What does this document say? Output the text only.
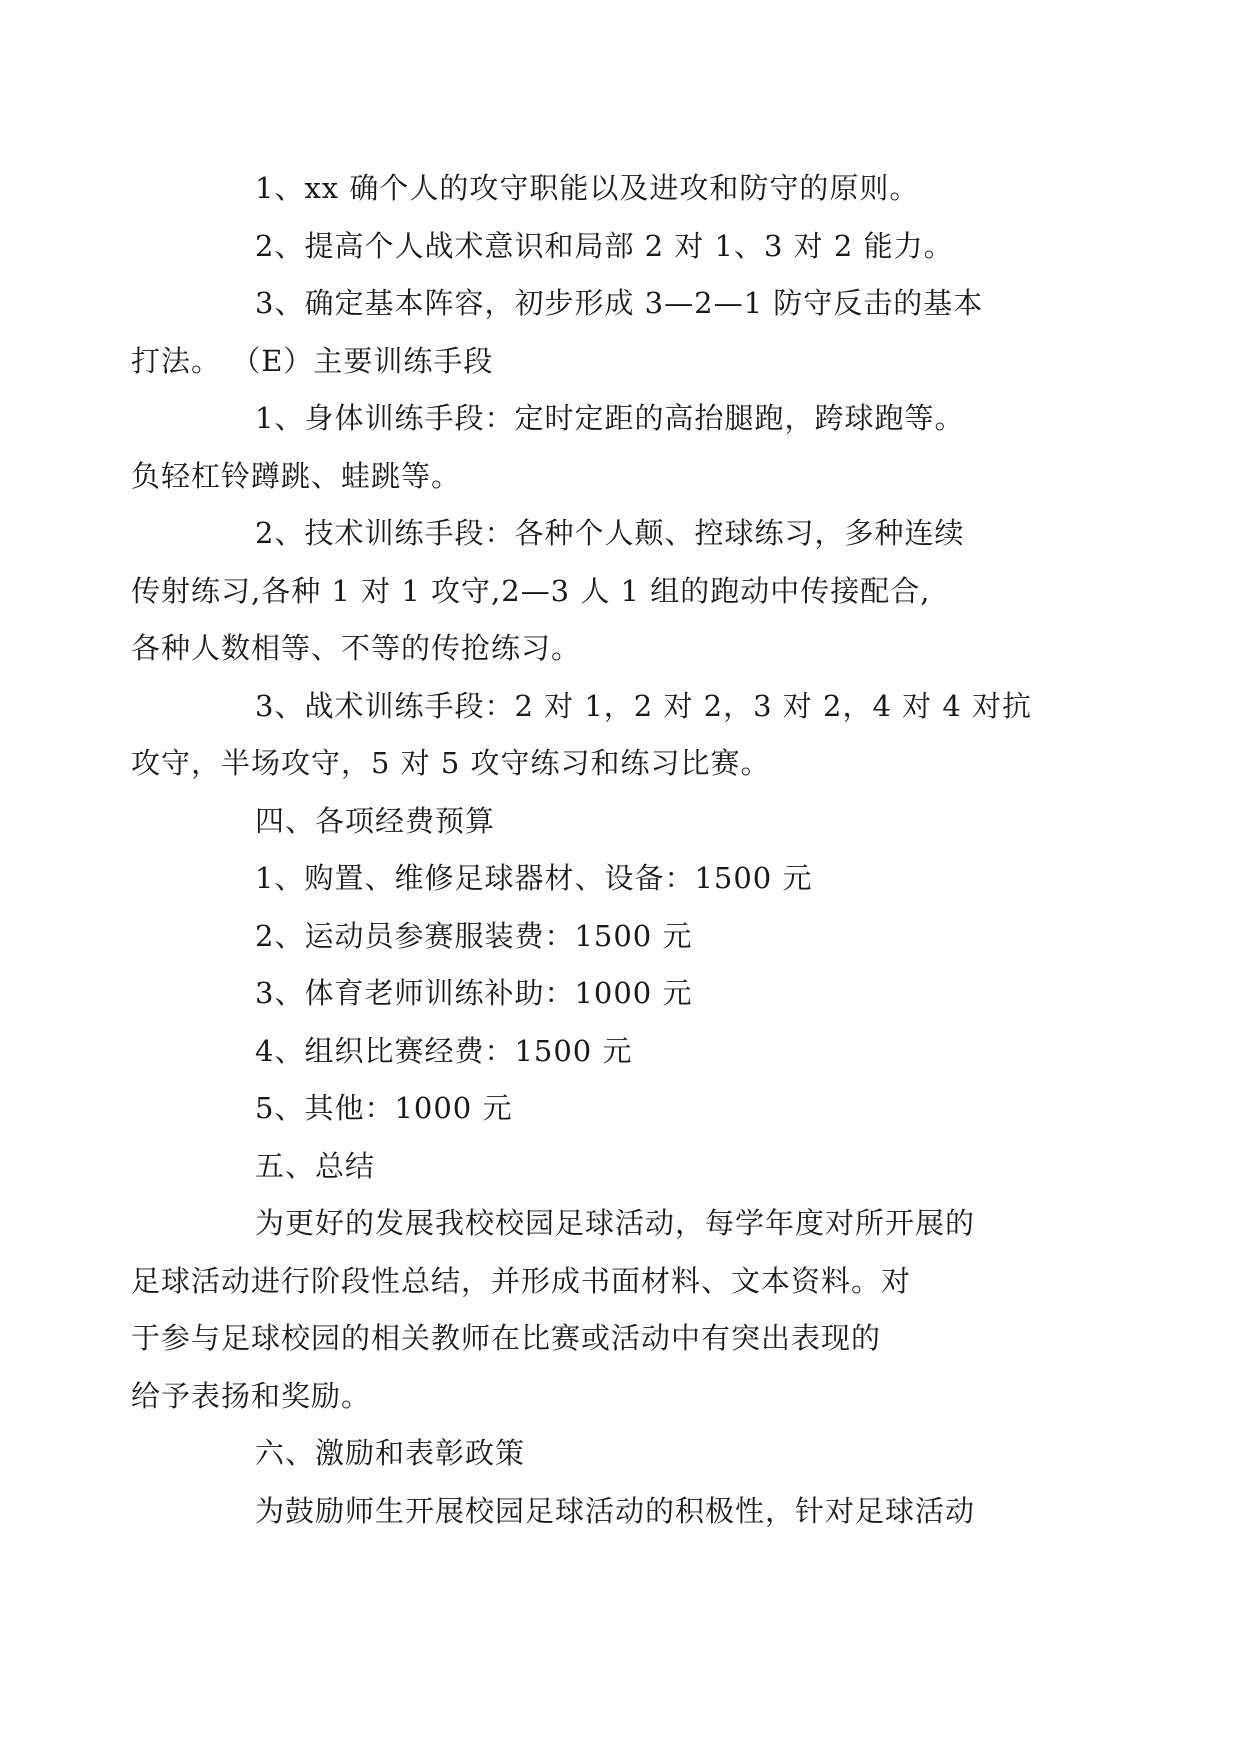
1、xx 确个人的攻守职能以及进攻和防守的原则。

2、提高个人战术意识和局部 2 对 1、3 对 2 能力。

3、确定基本阵容，初步形成 3—2—1 防守反击的基本
打法。 （E）主要训练手段

1、身体训练手段：定时定距的高抬腿跑，跨球跑等。
负轻杠铃蹲跳、蛙跳等。

2、技术训练手段：各种个人颠、控球练习，多种连续
传射练习,各种 1 对 1 攻守,2—3 人 1 组的跑动中传接配合,
各种人数相等、不等的传抢练习。

3、战术训练手段：2 对 1，2 对 2，3 对 2，4 对 4 对抗
攻守，半场攻守，5 对 5 攻守练习和练习比赛。

四、各项经费预算

1、购置、维修足球器材、设备：1500 元

2、运动员参赛服装费：1500 元

3、体育老师训练补助：1000 元

4、组织比赛经费：1500 元

5、其他：1000 元

五、总结

为更好的发展我校校园足球活动，每学年度对所开展的
足球活动进行阶段性总结，并形成书面材料、文本资料。对
于参与足球校园的相关教师在比赛或活动中有突出表现的
给予表扬和奖励。

六、激励和表彰政策

为鼓励师生开展校园足球活动的积极性，针对足球活动
